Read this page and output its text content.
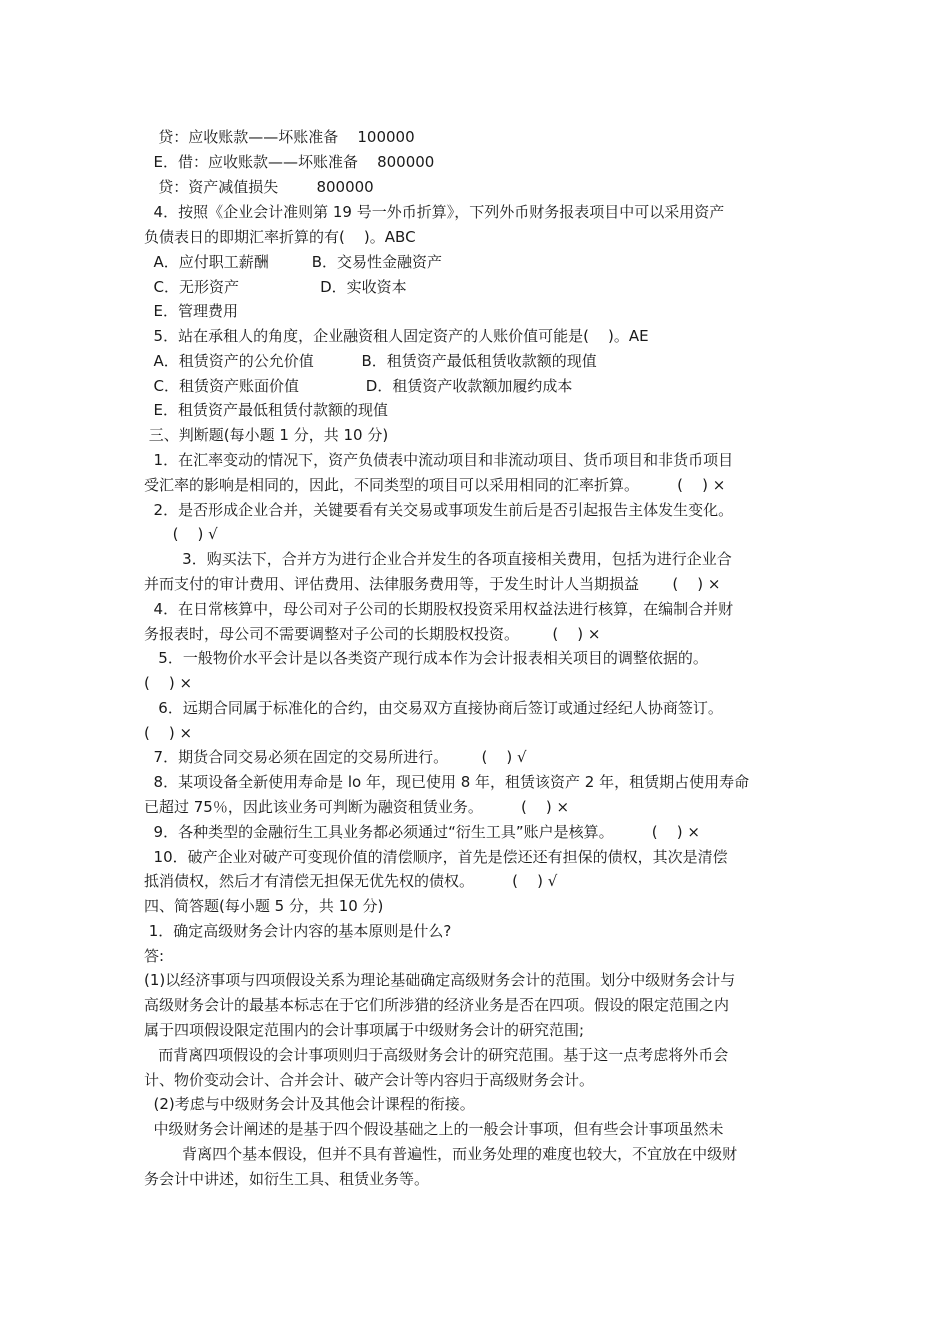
贷：应收账款——坏账准备    100000
E．借：应收账款——坏账准备    800000
贷：资产减值损失        800000
4．按照《企业会计准则第 19 号一外币折算》，下列外币财务报表项目中可以采用资产
负债表日的即期汇率折算的有(    )。ABC
A．应付职工薪酬         B．交易性金融资产
C．无形资产                 D．实收资本
E．管理费用
5．站在承租人的角度，企业融资租人固定资产的人账价值可能是(    )。AE
A．租赁资产的公允价值          B．租赁资产最低租赁收款额的现值
C．租赁资产账面价值              D．租赁资产收款额加履约成本
E．租赁资产最低租赁付款额的现值
三、判断题(每小题 1 分，共 10 分)
1．在汇率变动的情况下，资产负债表中流动项目和非流动项目、货币项目和非货币项目
受汇率的影响是相同的，因此，不同类型的项目可以采用相同的汇率折算。        (    ) ×
2．是否形成企业合并，关键要看有关交易或事项发生前后是否引起报告主体发生变化。
(    ) √
3．购买法下，合并方为进行企业合并发生的各项直接相关费用，包括为进行企业合
并而支付的审计费用、评估费用、法律服务费用等，于发生时计人当期损益       (    ) ×
4．在日常核算中，母公司对子公司的长期股权投资采用权益法进行核算，在编制合并财
务报表时，母公司不需要调整对子公司的长期股权投资。       (    ) ×
5．一般物价水平会计是以各类资产现行成本作为会计报表相关项目的调整依据的。
(    ) ×
6．远期合同属于标准化的合约，由交易双方直接协商后签订或通过经纪人协商签订。
(    ) ×
7．期货合同交易必须在固定的交易所进行。       (    ) √
8．某项设备全新使用寿命是 lo 年，现已使用 8 年，租赁该资产 2 年，租赁期占使用寿命
已超过 75％，因此该业务可判断为融资租赁业务。        (    ) ×
9．各种类型的金融衍生工具业务都必须通过“衍生工具”账户是核算。        (    ) ×
10．破产企业对破产可变现价值的清偿顺序，首先是偿还还有担保的债权，其次是清偿
抵消债权，然后才有清偿无担保无优先权的债权。        (    ) √
四、简答题(每小题 5 分，共 10 分)
1．确定高级财务会计内容的基本原则是什么?
答:
(1)以经济事项与四项假设关系为理论基础确定高级财务会计的范围。划分中级财务会计与
高级财务会计的最基本标志在于它们所涉猎的经济业务是否在四项。假设的限定范围之内
属于四项假设限定范围内的会计事项属于中级财务会计的研究范围;
而背离四项假设的会计事项则归于高级财务会计的研究范围。基于这一点考虑将外币会
计、物价变动会计、合并会计、破产会计等内容归于高级财务会计。
(2)考虑与中级财务会计及其他会计课程的衔接。
中级财务会计阐述的是基于四个假设基础之上的一般会计事项，但有些会计事项虽然未
背离四个基本假设，但并不具有普遍性，而业务处理的难度也较大，不宜放在中级财
务会计中讲述，如衍生工具、租赁业务等。
